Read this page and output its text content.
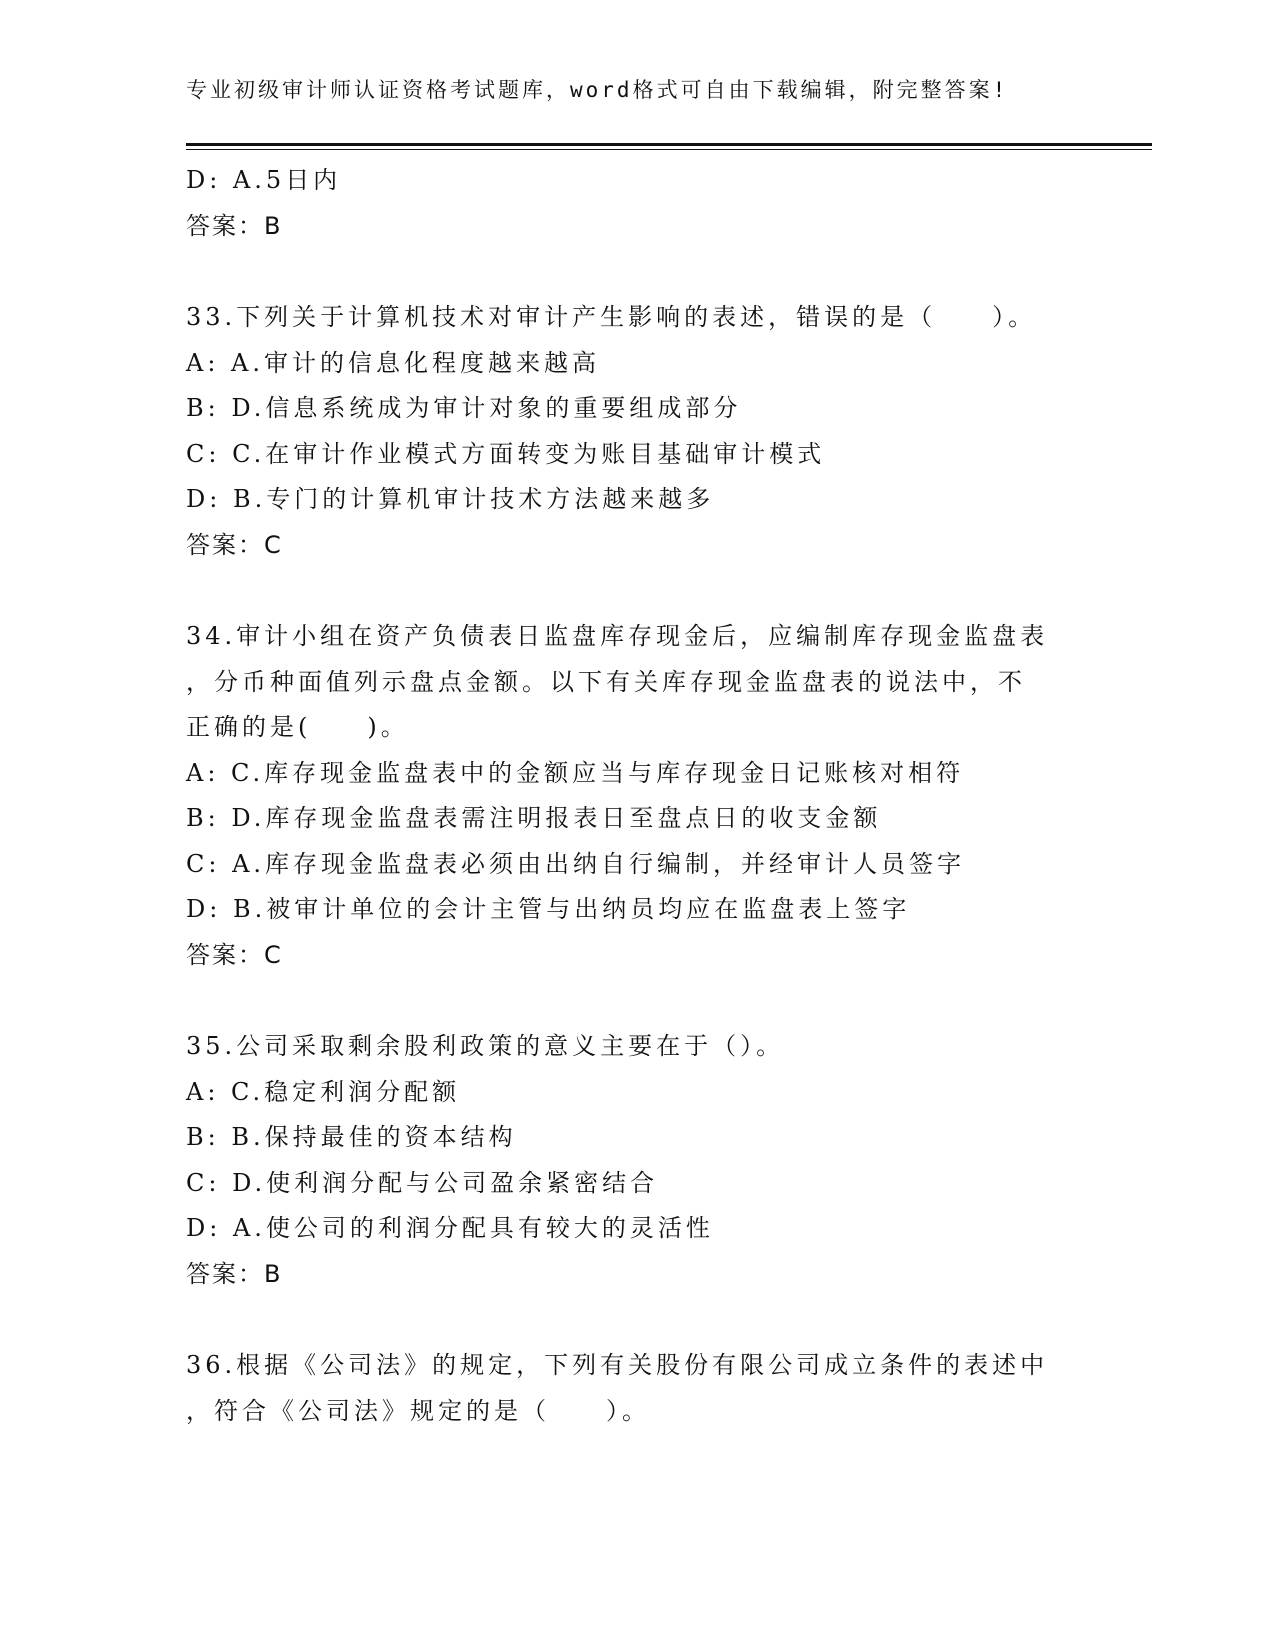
专业初级审计师认证资格考试题库，word格式可自由下载编辑，附完整答案!
D: A.5日内
答案：B
33.下列关于计算机技术对审计产生影响的表述，错误的是（　　）。
A: A.审计的信息化程度越来越高
B: D.信息系统成为审计对象的重要组成部分
C: C.在审计作业模式方面转变为账目基础审计模式
D: B.专门的计算机审计技术方法越来越多
答案：C
34.审计小组在资产负债表日监盘库存现金后，应编制库存现金监盘表
，分币种面值列示盘点金额。以下有关库存现金监盘表的说法中，不
正确的是(　　)。
A: C.库存现金监盘表中的金额应当与库存现金日记账核对相符
B: D.库存现金监盘表需注明报表日至盘点日的收支金额
C: A.库存现金监盘表必须由出纳自行编制，并经审计人员签字
D: B.被审计单位的会计主管与出纳员均应在监盘表上签字
答案：C
35.公司采取剩余股利政策的意义主要在于（）。
A: C.稳定利润分配额
B: B.保持最佳的资本结构
C: D.使利润分配与公司盈余紧密结合
D: A.使公司的利润分配具有较大的灵活性
答案：B
36.根据《公司法》的规定，下列有关股份有限公司成立条件的表述中
，符合《公司法》规定的是（　　）。
